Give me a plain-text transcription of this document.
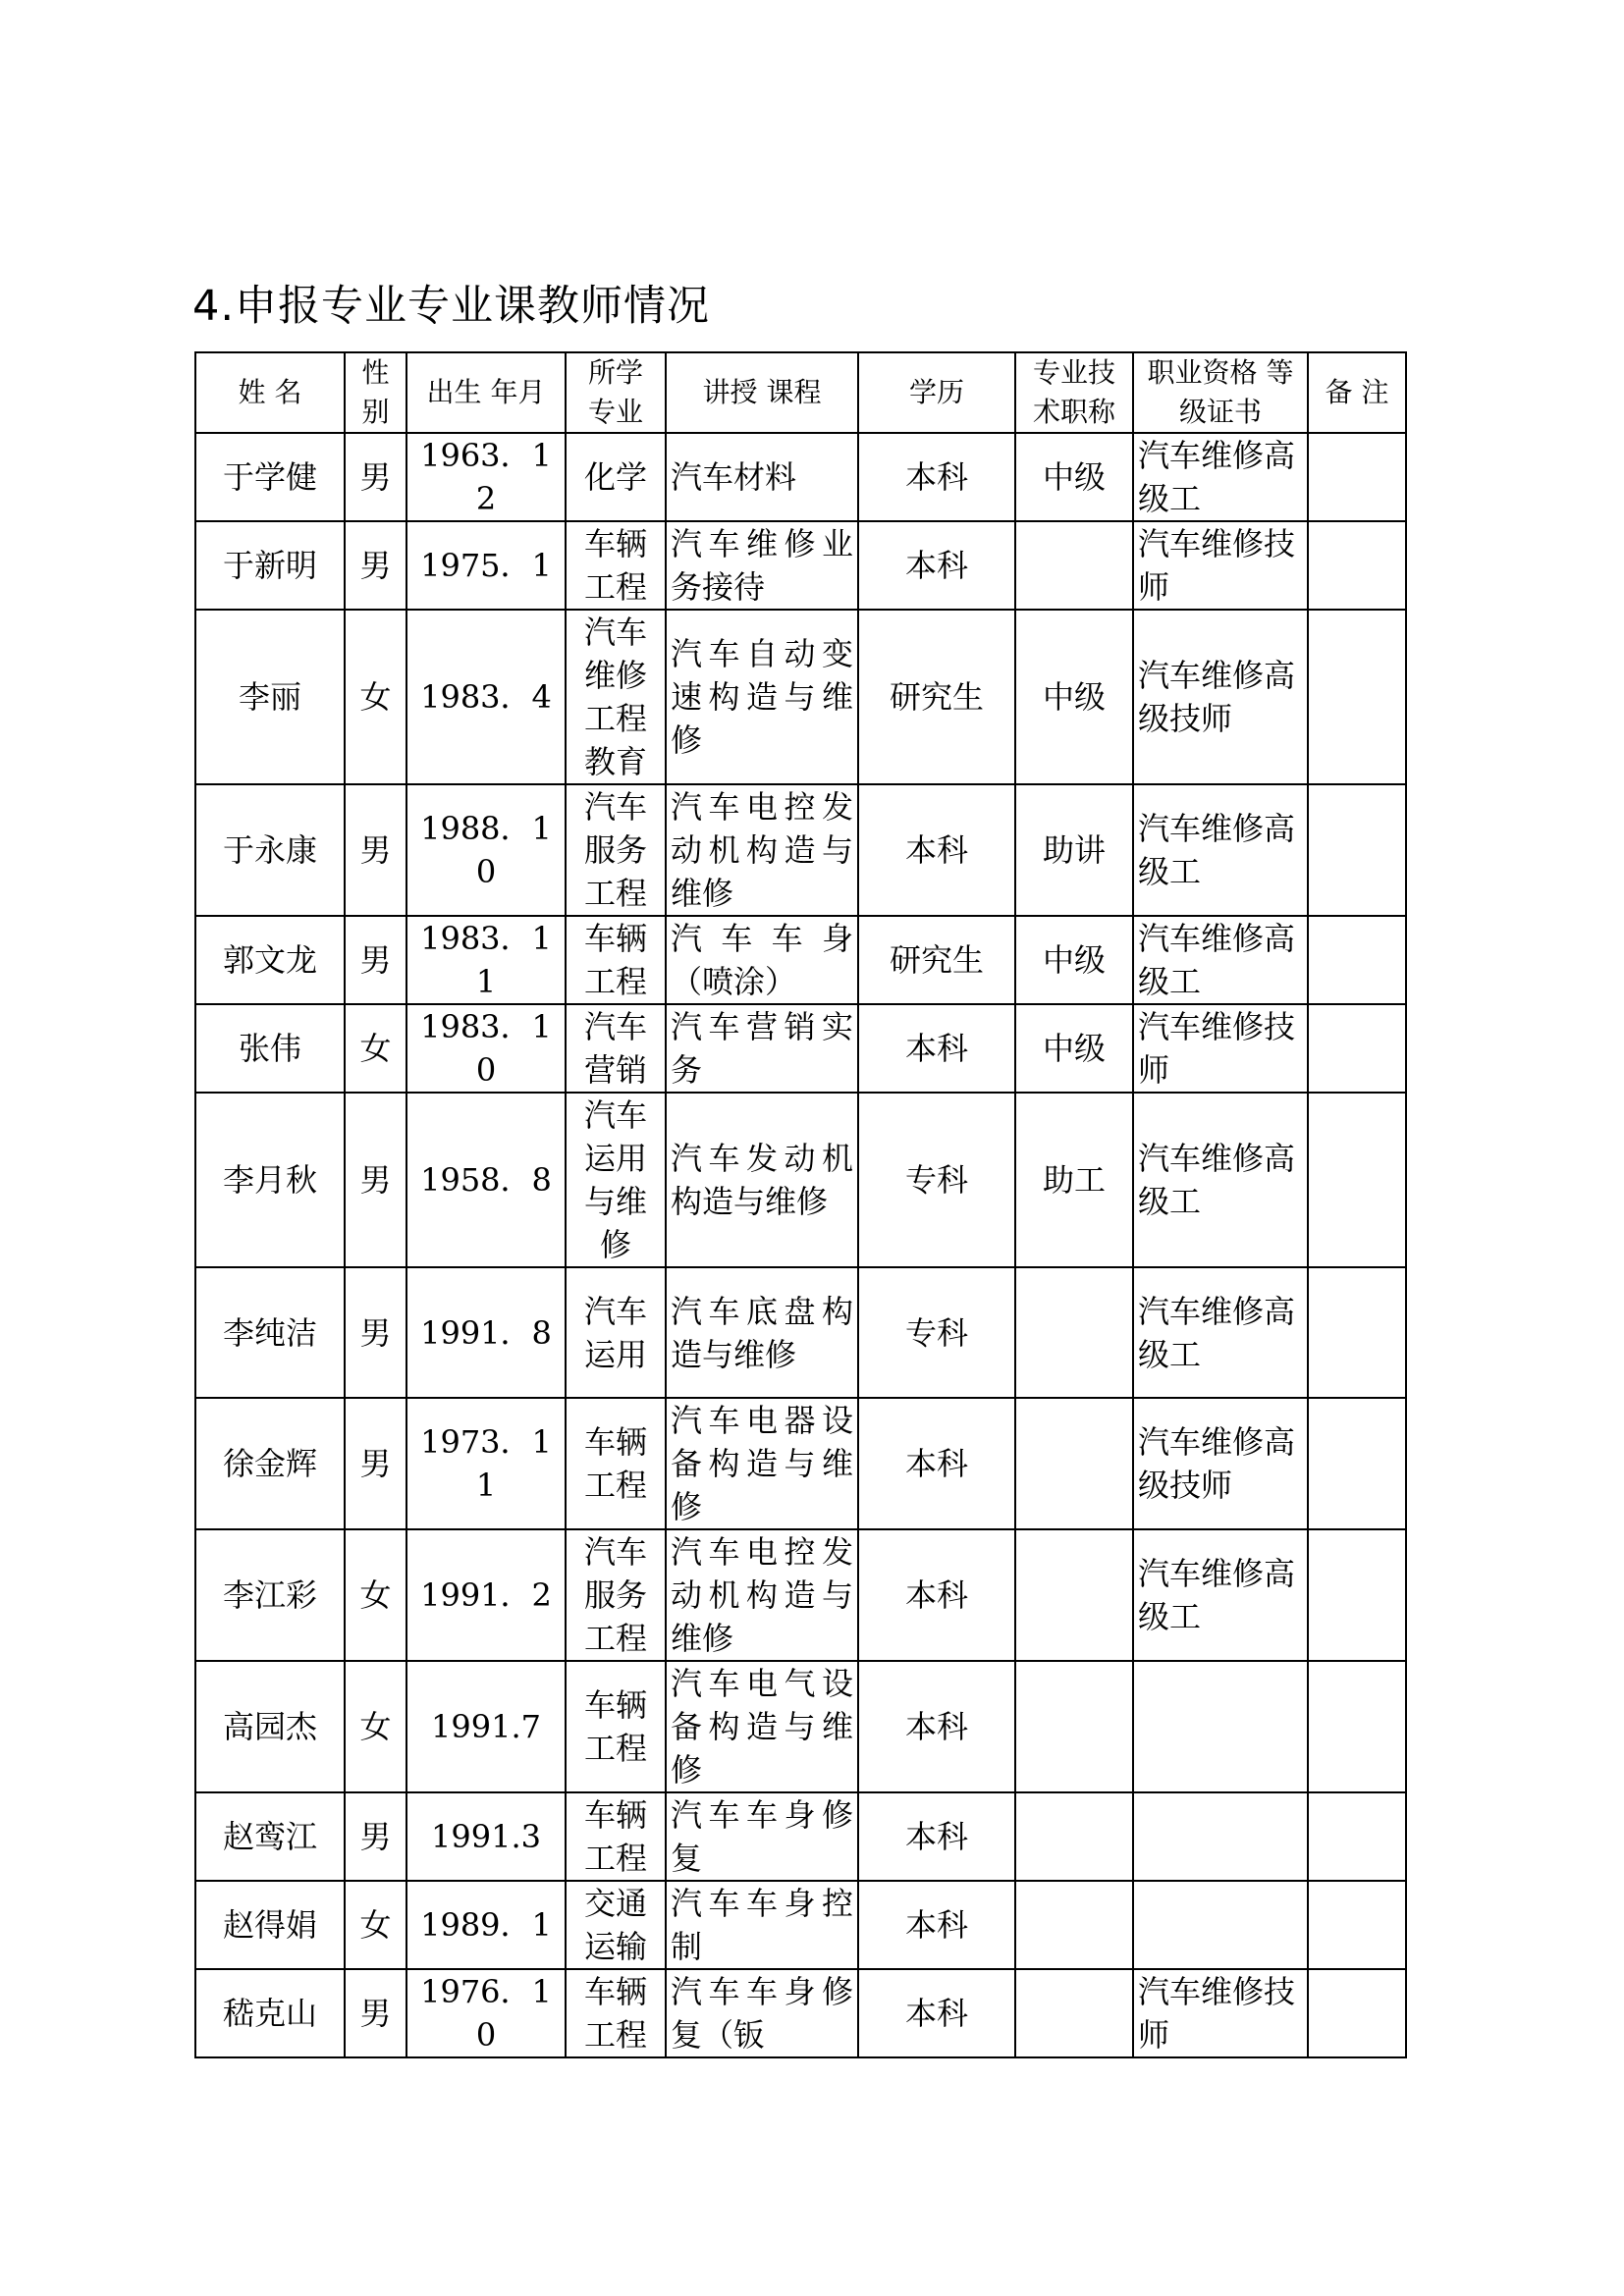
4.申报专业专业课教师情况
姓 名	性 别	出生 年月	所学 专业	讲授 课程	学历	专业技 术职称	职业资格 等级证书	备 注

于学健	男	1963．12	化学	汽车材料	本科	中级	汽车维修高级工	

于新明	男	1975．1	车辆工程	汽车维修业务接待	本科		汽车维修技师	

李丽	女	1983．4	汽车维修工程教育	汽车自动变速构造与维修	研究生	中级	汽车维修高级技师	

于永康	男	1988．10	汽车服务工程	汽车电控发动机构造与维修	本科	助讲	汽车维修高级工	

郭文龙	男	1983．11	车辆工程	汽车车身（喷涂）	研究生	中级	汽车维修高级工	

张伟	女	1983．10	汽车营销	汽车营销实务	本科	中级	汽车维修技师	

李月秋	男	1958．8	汽车运用与维修	汽车发动机构造与维修	专科	助工	汽车维修高级工	

李纯洁	男	1991．8	汽车运用	汽车底盘构造与维修	专科		汽车维修高级工	

徐金辉	男	1973．11	车辆工程	汽车电器设备构造与维修	本科		汽车维修高级技师	

李江彩	女	1991．2	汽车服务工程	汽车电控发动机构造与维修	本科		汽车维修高级工	

高园杰	女	1991.7	车辆工程	汽车电气设备构造与维修	本科			

赵鸾江	男	1991.3	车辆工程	汽车车身修复	本科			

赵得娟	女	1989．1	交通运输	汽车车身控制	本科			

嵇克山	男	1976．10	车辆工程	汽车车身修复（钣	本科		汽车维修技师	
